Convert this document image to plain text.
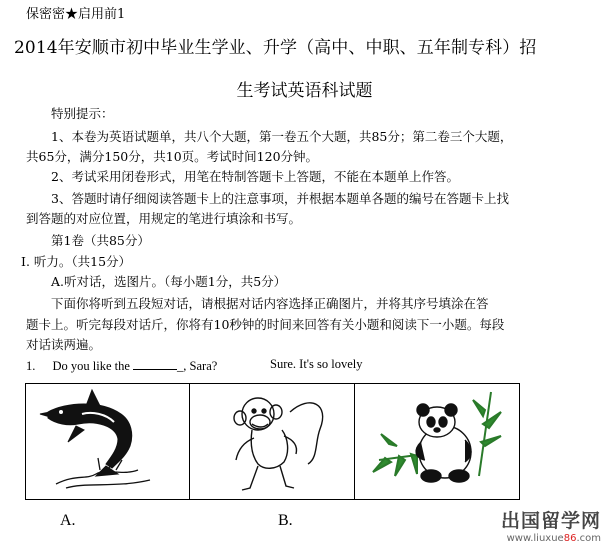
保密密★启用前1
2014年安顺市初中毕业生学业、升学（高中、中职、五年制专科）招
生考试英语科试题
特别提示：
1、本卷为英语试题单，共八个大题，第一卷五个大题，共85分；第二卷三个大题，
共65分，满分150分，共10页。考试时间120分钟。
2、考试采用闭卷形式，用笔在特制答题卡上答题，不能在本题单上作答。
3、答题时请仔细阅读答题卡上的注意事项，并根据本题单各题的编号在答题卡上找
到答题的对应位置，用规定的笔进行填涂和书写。
第1卷（共85分）
I. 听力。（共15分）
A.听对话，选图片。（每小题1分，共5分）
下面你将听到五段短对话，请根据对话内容选择正确图片，并将其序号填涂在答
题卡上。听完每段对话斤，你将有10秒钟的时间来回答有关小题和阅读下一小题。每段
对话读两遍。
1. Do you like the	_, Sara?	Sure. It's so lovely
A.	B.	出国留学网
www.liuxue86.com
